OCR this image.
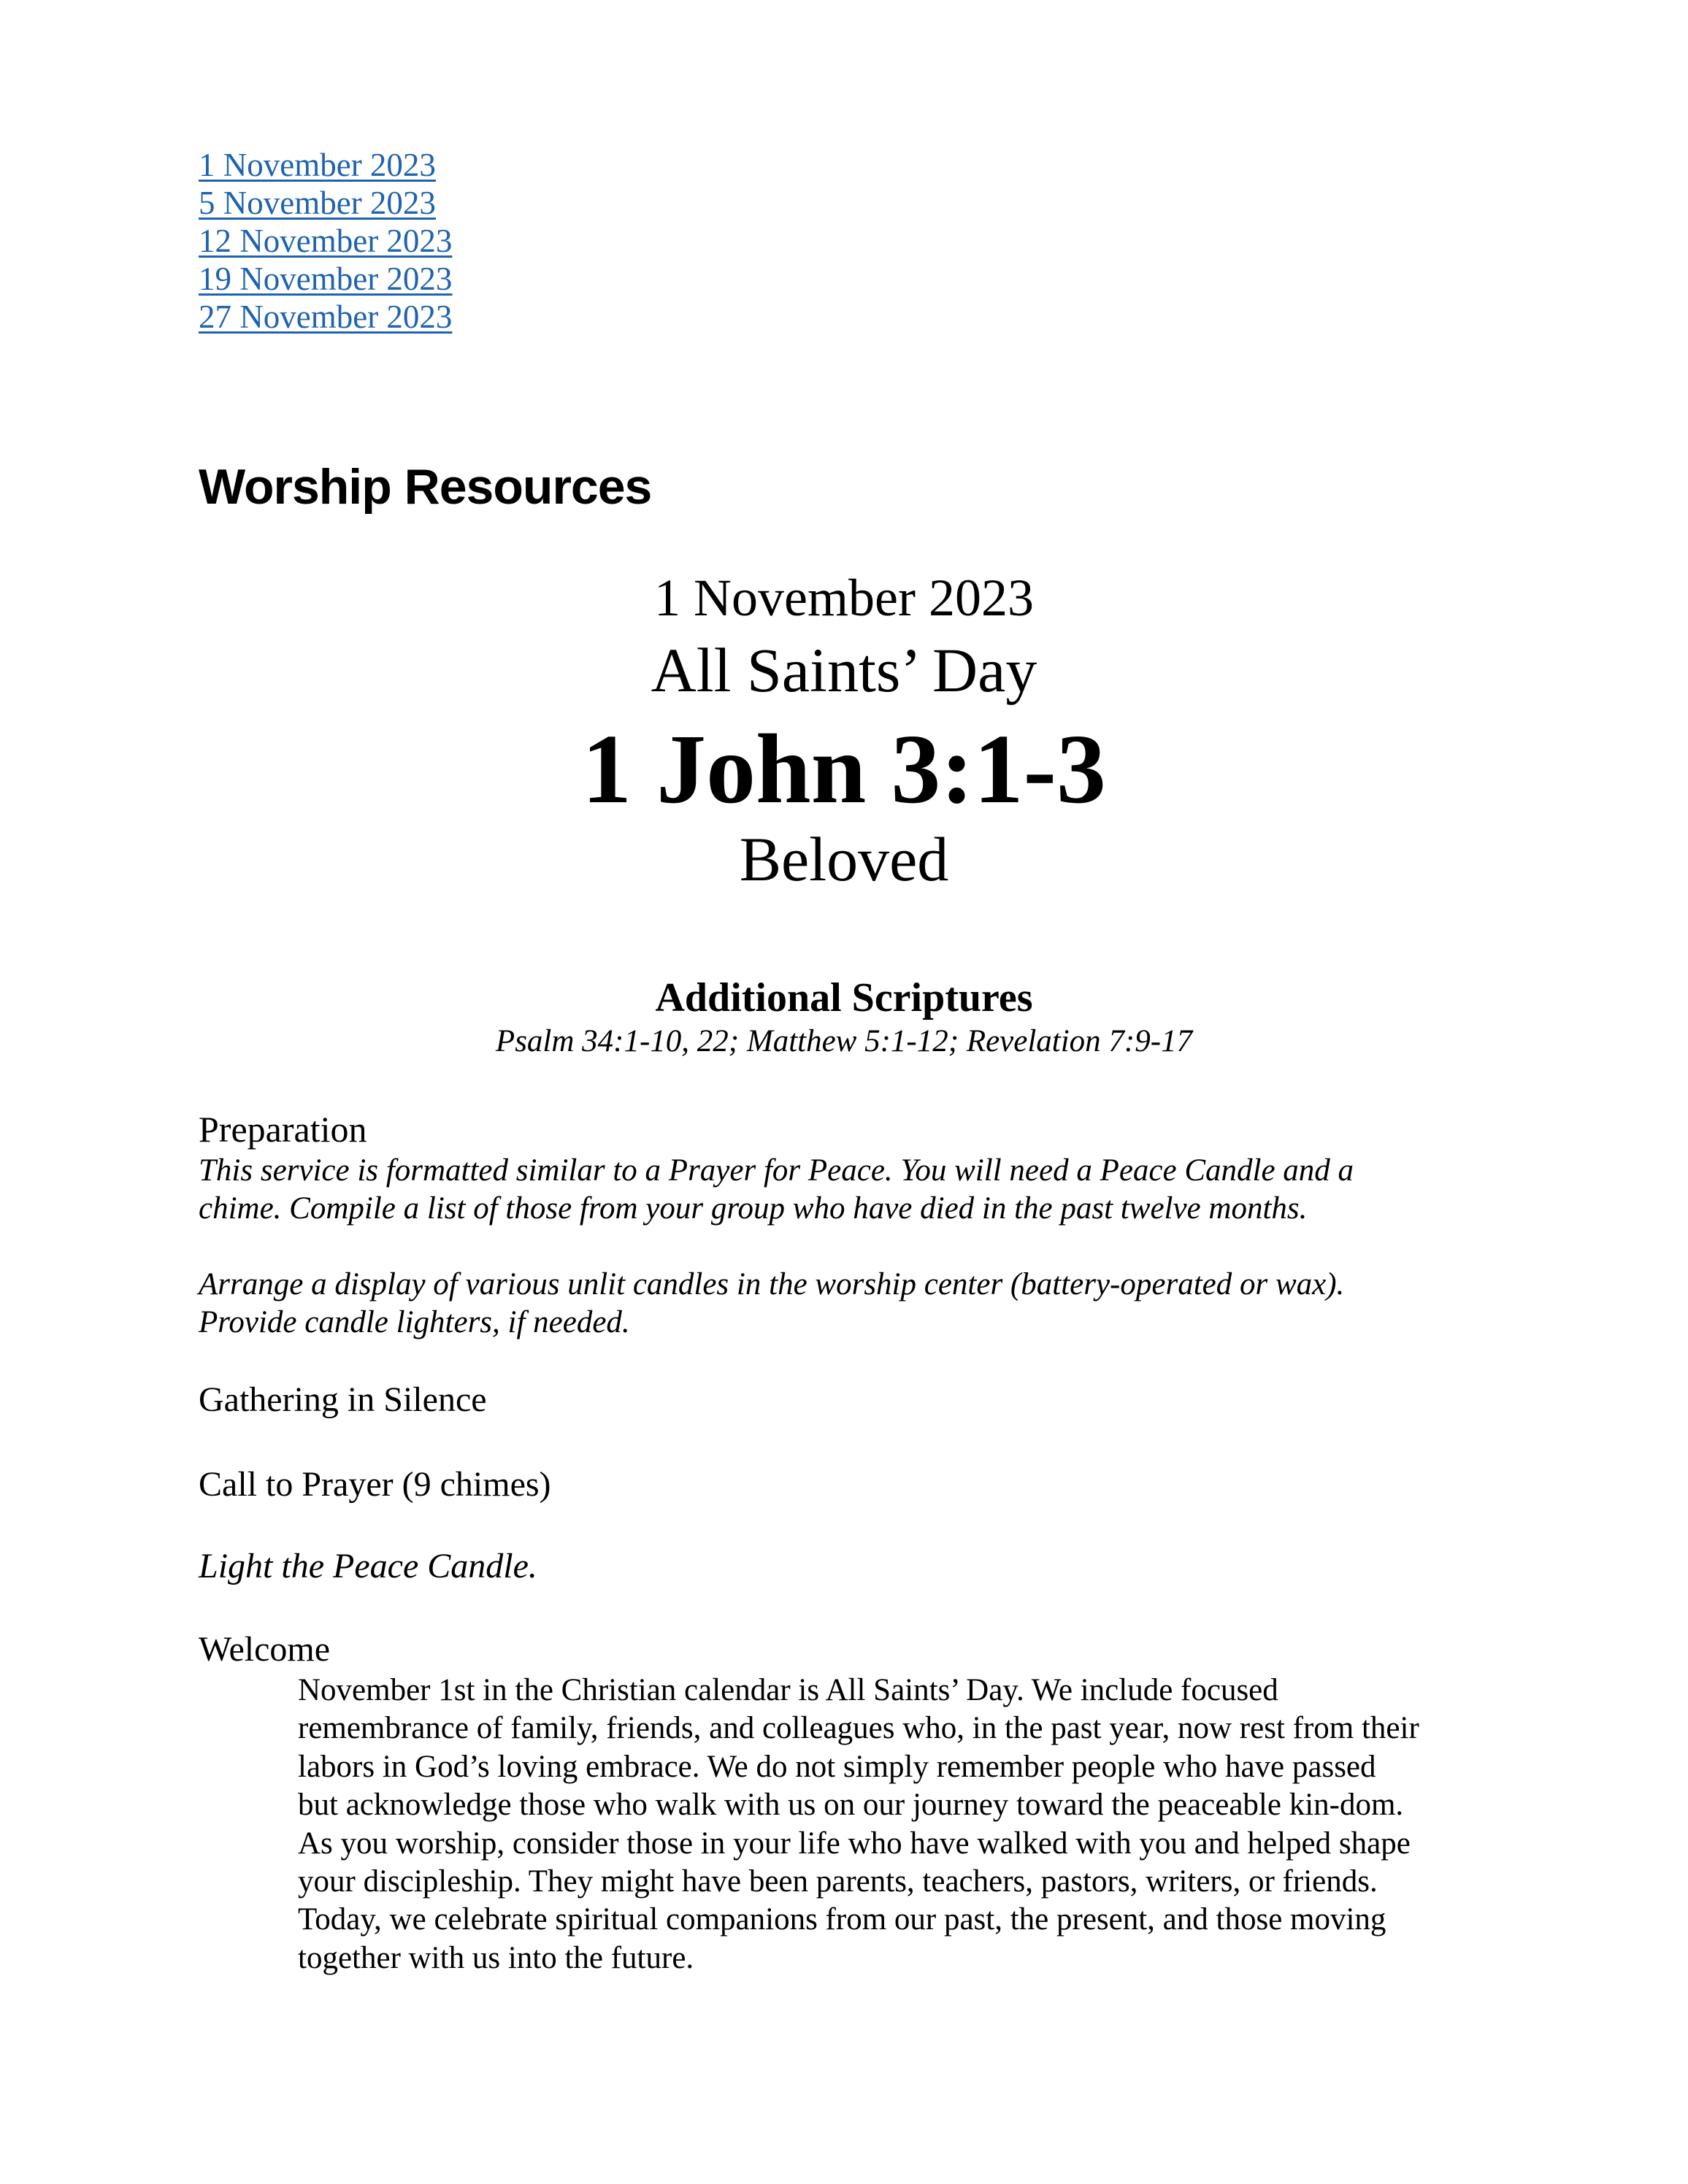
1 November 2023
5 November 2023
12 November 2023
19 November 2023
27 November 2023
Worship Resources
1 November 2023
All Saints’ Day
1 John 3:1-3
Beloved
Additional Scriptures
Psalm 34:1-10, 22; Matthew 5:1-12; Revelation 7:9-17
Preparation
This service is formatted similar to a Prayer for Peace. You will need a Peace Candle and a
chime. Compile a list of those from your group who have died in the past twelve months.
Arrange a display of various unlit candles in the worship center (battery-operated or wax).
Provide candle lighters, if needed.
Gathering in Silence
Call to Prayer (9 chimes)
Light the Peace Candle.
Welcome
November 1st in the Christian calendar is All Saints’ Day. We include focused
remembrance of family, friends, and colleagues who, in the past year, now rest from their
labors in God’s loving embrace. We do not simply remember people who have passed
but acknowledge those who walk with us on our journey toward the peaceable kin-dom.
As you worship, consider those in your life who have walked with you and helped shape
your discipleship. They might have been parents, teachers, pastors, writers, or friends.
Today, we celebrate spiritual companions from our past, the present, and those moving
together with us into the future.
